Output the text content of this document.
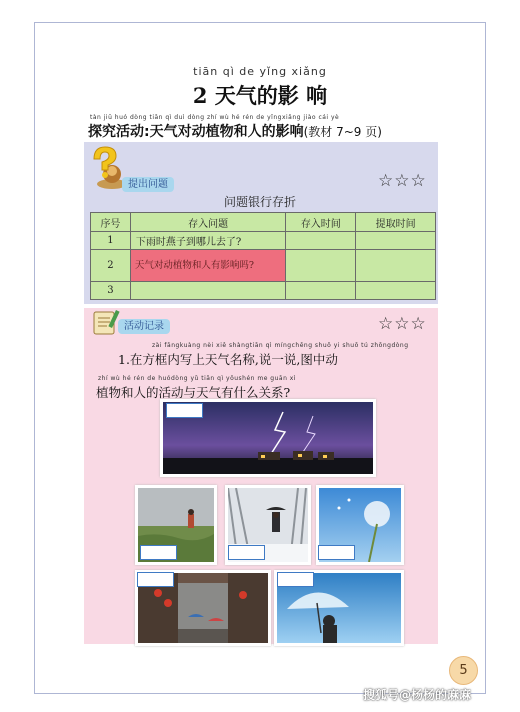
tiān qì de yǐng xiǎng
2 天气的影 响
tàn jiū huó dòng tiān qì duì dòng zhí wù hé rén de yǐngxiǎng jiào cái yè
探究活动:天气对动植物和人的影响(教材 7~9 页)
提出问题	☆☆☆
问题银行存折
序号	存入问题	存入时间	提取时间
1	下雨时燕子到哪儿去了?		
2	天气对动植物和人有影响吗?		
3			
活动记录	☆☆☆
zài fāngkuàng nèi xiě shàngtiān qì míngchēng shuō yi shuō tú zhōngdòng
1.在方框内写上天气名称,说一说,图中动
zhí wù hé rén de huódòng yǔ tiān qì yǒushén me guān xì
植物和人的活动与天气有什么关系?
5
搜狐号@杨杨的麻麻
